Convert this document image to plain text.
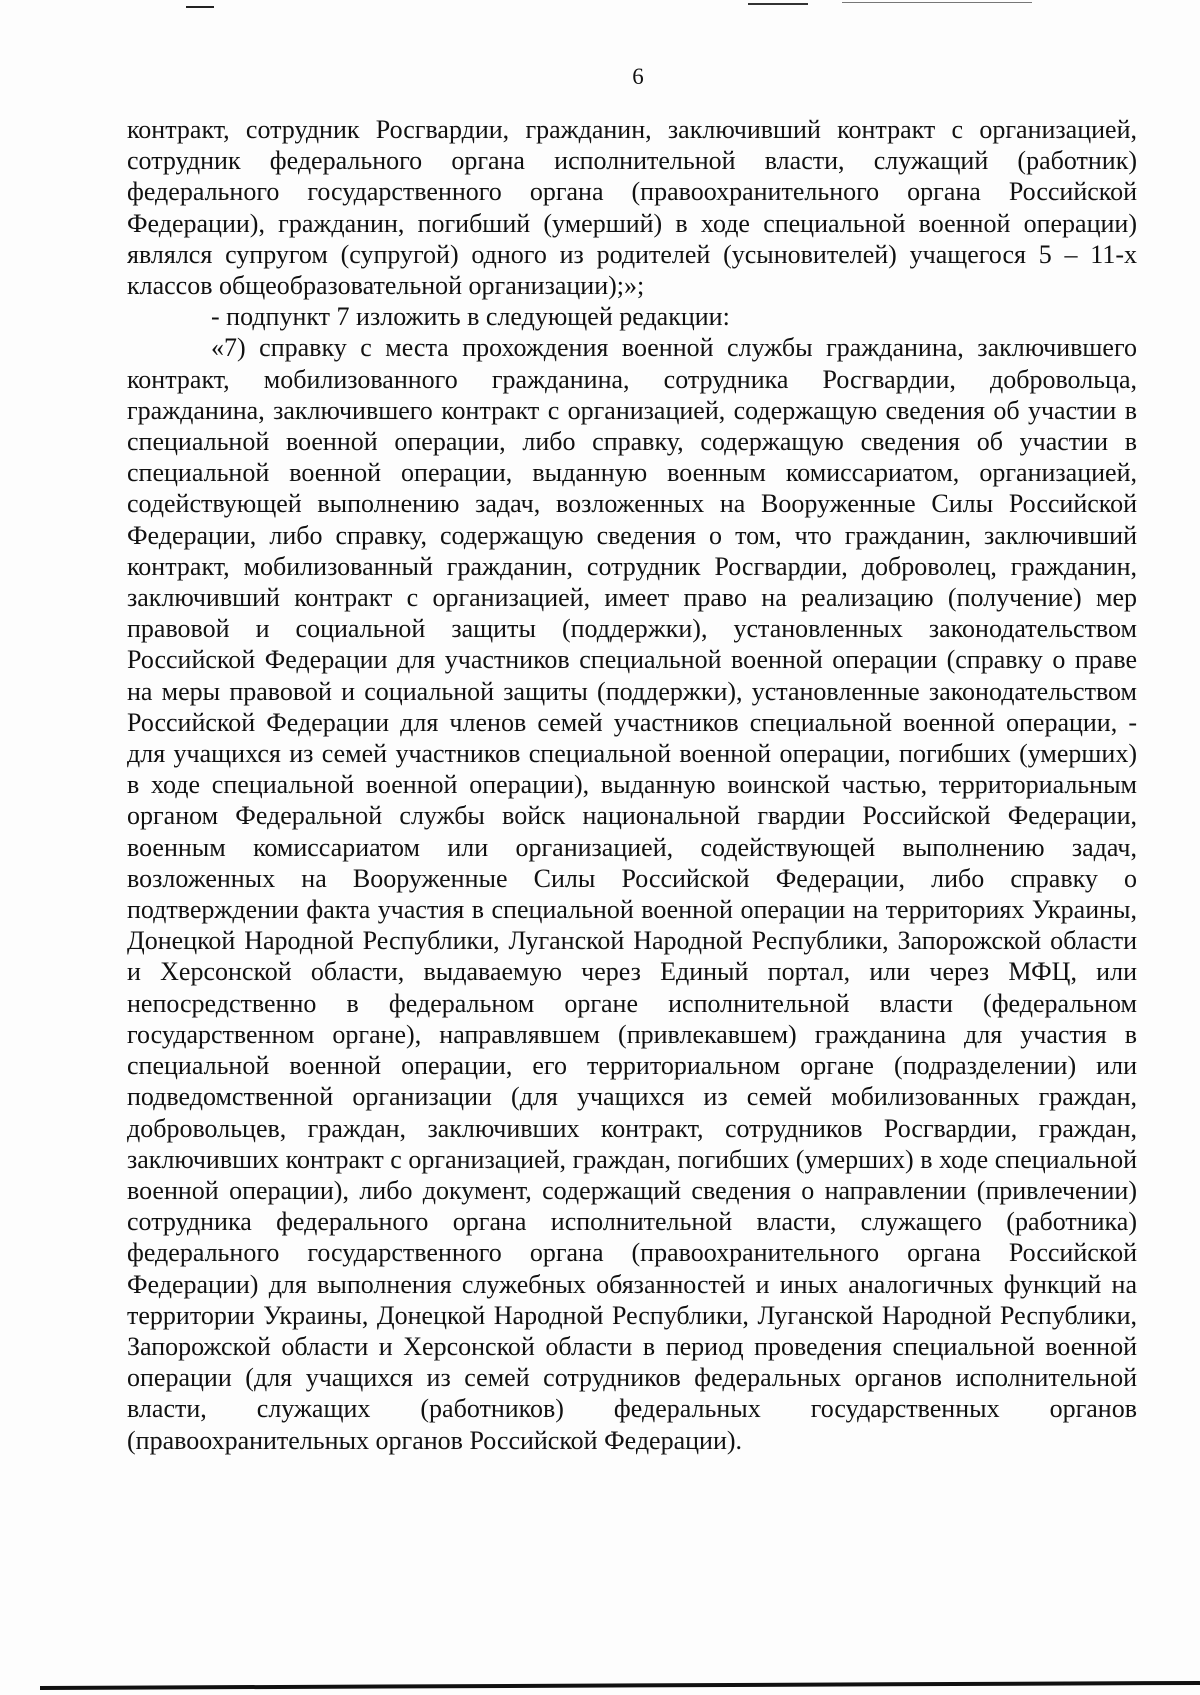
6

контракт, сотрудник Росгвардии, гражданин, заключивший контракт с организацией, сотрудник федерального органа исполнительной власти, служащий (работник) федерального государственного органа (правоохранительного органа Российской Федерации), гражданин, погибший (умерший) в ходе специальной военной операции) являлся супругом (супругой) одного из родителей (усыновителей) учащегося 5 – 11-х классов общеобразовательной организации);»;

- подпункт 7 изложить в следующей редакции:

«7) справку с места прохождения военной службы гражданина, заключившего контракт, мобилизованного гражданина, сотрудника Росгвардии, добровольца, гражданина, заключившего контракт с организацией, содержащую сведения об участии в специальной военной операции, либо справку, содержащую сведения об участии в специальной военной операции, выданную военным комиссариатом, организацией, содействующей выполнению задач, возложенных на Вооруженные Силы Российской Федерации, либо справку, содержащую сведения о том, что гражданин, заключивший контракт, мобилизованный гражданин, сотрудник Росгвардии, доброволец, гражданин, заключивший контракт с организацией, имеет право на реализацию (получение) мер правовой и социальной защиты (поддержки), установленных законодательством Российской Федерации для участников специальной военной операции (справку о праве на меры правовой и социальной защиты (поддержки), установленные законодательством Российской Федерации для членов семей участников специальной военной операции, - для учащихся из семей участников специальной военной операции, погибших (умерших) в ходе специальной военной операции), выданную воинской частью, территориальным органом Федеральной службы войск национальной гвардии Российской Федерации, военным комиссариатом или организацией, содействующей выполнению задач, возложенных на Вооруженные Силы Российской Федерации, либо справку о подтверждении факта участия в специальной военной операции на территориях Украины, Донецкой Народной Республики, Луганской Народной Республики, Запорожской области и Херсонской области, выдаваемую через Единый портал, или через МФЦ, или непосредственно в федеральном органе исполнительной власти (федеральном государственном органе), направлявшем (привлекавшем) гражданина для участия в специальной военной операции, его территориальном органе (подразделении) или подведомственной организации (для учащихся из семей мобилизованных граждан, добровольцев, граждан, заключивших контракт, сотрудников Росгвардии, граждан, заключивших контракт с организацией, граждан, погибших (умерших) в ходе специальной военной операции), либо документ, содержащий сведения о направлении (привлечении) сотрудника федерального органа исполнительной власти, служащего (работника) федерального государственного органа (правоохранительного органа Российской Федерации) для выполнения служебных обязанностей и иных аналогичных функций на территории Украины, Донецкой Народной Республики, Луганской Народной Республики, Запорожской области и Херсонской области в период проведения специальной военной операции (для учащихся из семей сотрудников федеральных органов исполнительной власти, служащих (работников) федеральных государственных органов (правоохранительных органов Российской Федерации).
